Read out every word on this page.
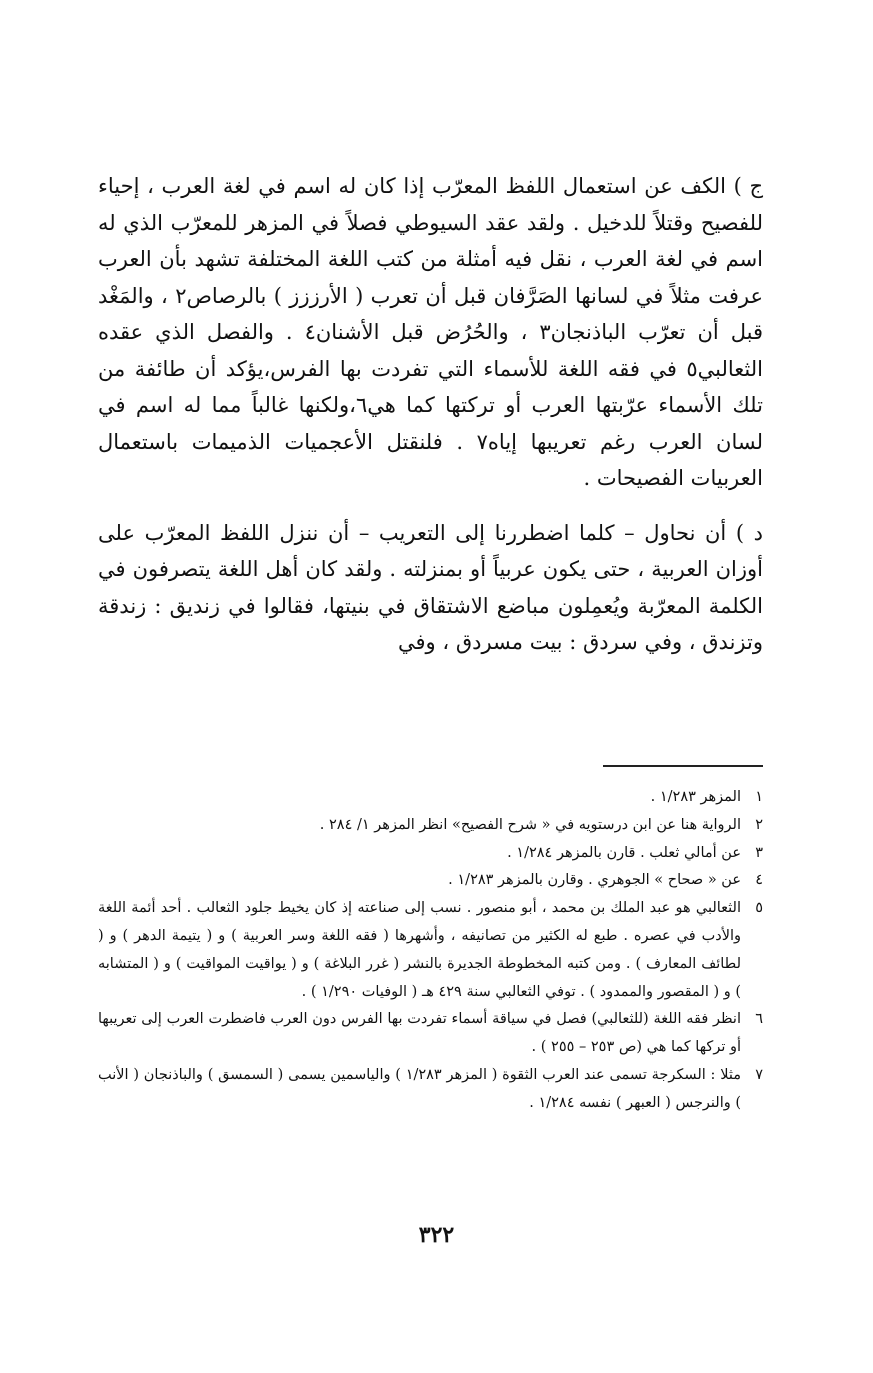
ج ) الكف عن استعمال اللفظ المعرّب إذا كان له اسم في لغة العرب ، إحياء للفصيح وقتلاً للدخيل . ولقد عقد السيوطي فصلاً في المزهر للمعرّب الذي له اسم في لغة العرب ، نقل فيه أمثلة من كتب اللغة المختلفة تشهد بأن العرب عرفت مثلاً في لسانها الصَرَّفان قبل أن تعرب ( الأرززز ) بالرصاص٢ ، والمَغْد قبل أن تعرّب الباذنجان٣ ، والحُرُض قبل الأشنان٤ . والفصل الذي عقده الثعالبي٥ في فقه اللغة للأسماء التي تفردت بها الفرس،يؤكد أن طائفة من تلك الأسماء عرّبتها العرب أو تركتها كما هي٦،ولكنها غالباً مما له اسم في لسان العرب رغم تعريبها إياه٧ . فلنقتل الأعجميات الذميمات باستعمال العربيات الفصيحات .

د ) أن نحاول – كلما اضطررنا إلى التعريب – أن ننزل اللفظ المعرّب على أوزان العربية ، حتى يكون عربياً أو بمنزلته . ولقد كان أهل اللغة يتصرفون في الكلمة المعرّبة ويُعمِلون مباضع الاشتقاق في بنيتها، فقالوا في زنديق : زندقة وتزندق ، وفي سردق : بيت مسردق ، وفي

١
المزهر ١/٢٨٣ .
٢
الرواية هنا عن ابن درستويه في « شرح الفصيح» انظر المزهر ١/ ٢٨٤ .
٣
عن أمالي ثعلب . قارن بالمزهر ١/٢٨٤ .
٤
عن « صحاح » الجوهري . وقارن بالمزهر ١/٢٨٣ .
٥
الثعالبي هو عبد الملك بن محمد ، أبو منصور . نسب إلى صناعته إذ كان يخيط جلود الثعالب . أحد أئمة اللغة والأدب في عصره . طبع له الكثير من تصانيفه ، وأشهرها ( فقه اللغة وسر العربية ) و ( يتيمة الدهر ) و ( لطائف المعارف ) . ومن كتبه المخطوطة الجديرة بالنشر ( غرر البلاغة ) و ( يواقيت المواقيت ) و ( المتشابه ) و ( المقصور والممدود ) . توفي الثعالبي سنة ٤٢٩ هـ ( الوفيات ١/٢٩٠ ) .
٦
انظر فقه اللغة (للثعالبي) فصل في سياقة أسماء تفردت بها الفرس دون العرب فاضطرت العرب إلى تعريبها أو تركها كما هي (ص ٢٥٣ – ٢٥٥ ) .
٧
مثلا : السكرجة تسمى عند العرب الثقوة ( المزهر ١/٢٨٣ ) والياسمين يسمى ( السمسق ) والباذنجان ( الأنب ) والنرجس ( العبهر ) نفسه ١/٢٨٤ .
٣٢٢
